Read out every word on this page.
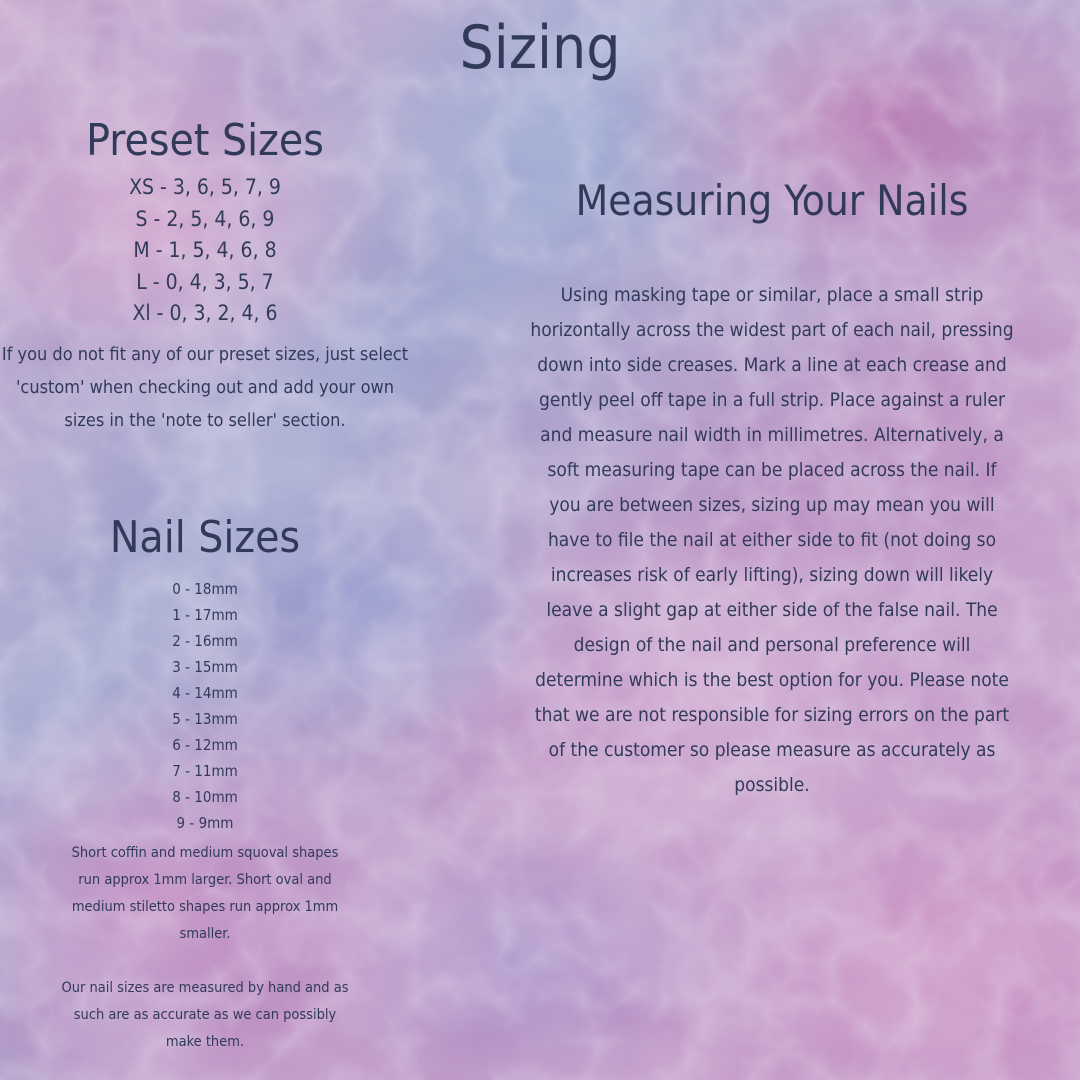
Sizing
Preset Sizes
XS - 3, 6, 5, 7, 9
S - 2, 5, 4, 6, 9
M - 1, 5, 4, 6, 8
L - 0, 4, 3, 5, 7
Xl - 0, 3, 2, 4, 6

If you do not fit any of our preset sizes, just select 'custom' when checking out and add your own sizes in the 'note to seller' section.

Nail Sizes
0 - 18mm
1 - 17mm
2 - 16mm
3 - 15mm
4 - 14mm
5 - 13mm
6 - 12mm
7 - 11mm
8 - 10mm
9 - 9mm

Short coffin and medium squoval shapes run approx 1mm larger. Short oval and medium stiletto shapes run approx 1mm smaller.

Our nail sizes are measured by hand and as such are as accurate as we can possibly make them.

Measuring Your Nails

Using masking tape or similar, place a small strip horizontally across the widest part of each nail, pressing down into side creases. Mark a line at each crease and gently peel off tape in a full strip. Place against a ruler and measure nail width in millimetres. Alternatively, a soft measuring tape can be placed across the nail. If you are between sizes, sizing up may mean you will have to file the nail at either side to fit (not doing so increases risk of early lifting), sizing down will likely leave a slight gap at either side of the false nail. The design of the nail and personal preference will determine which is the best option for you. Please note that we are not responsible for sizing errors on the part of the customer so please measure as accurately as possible.
